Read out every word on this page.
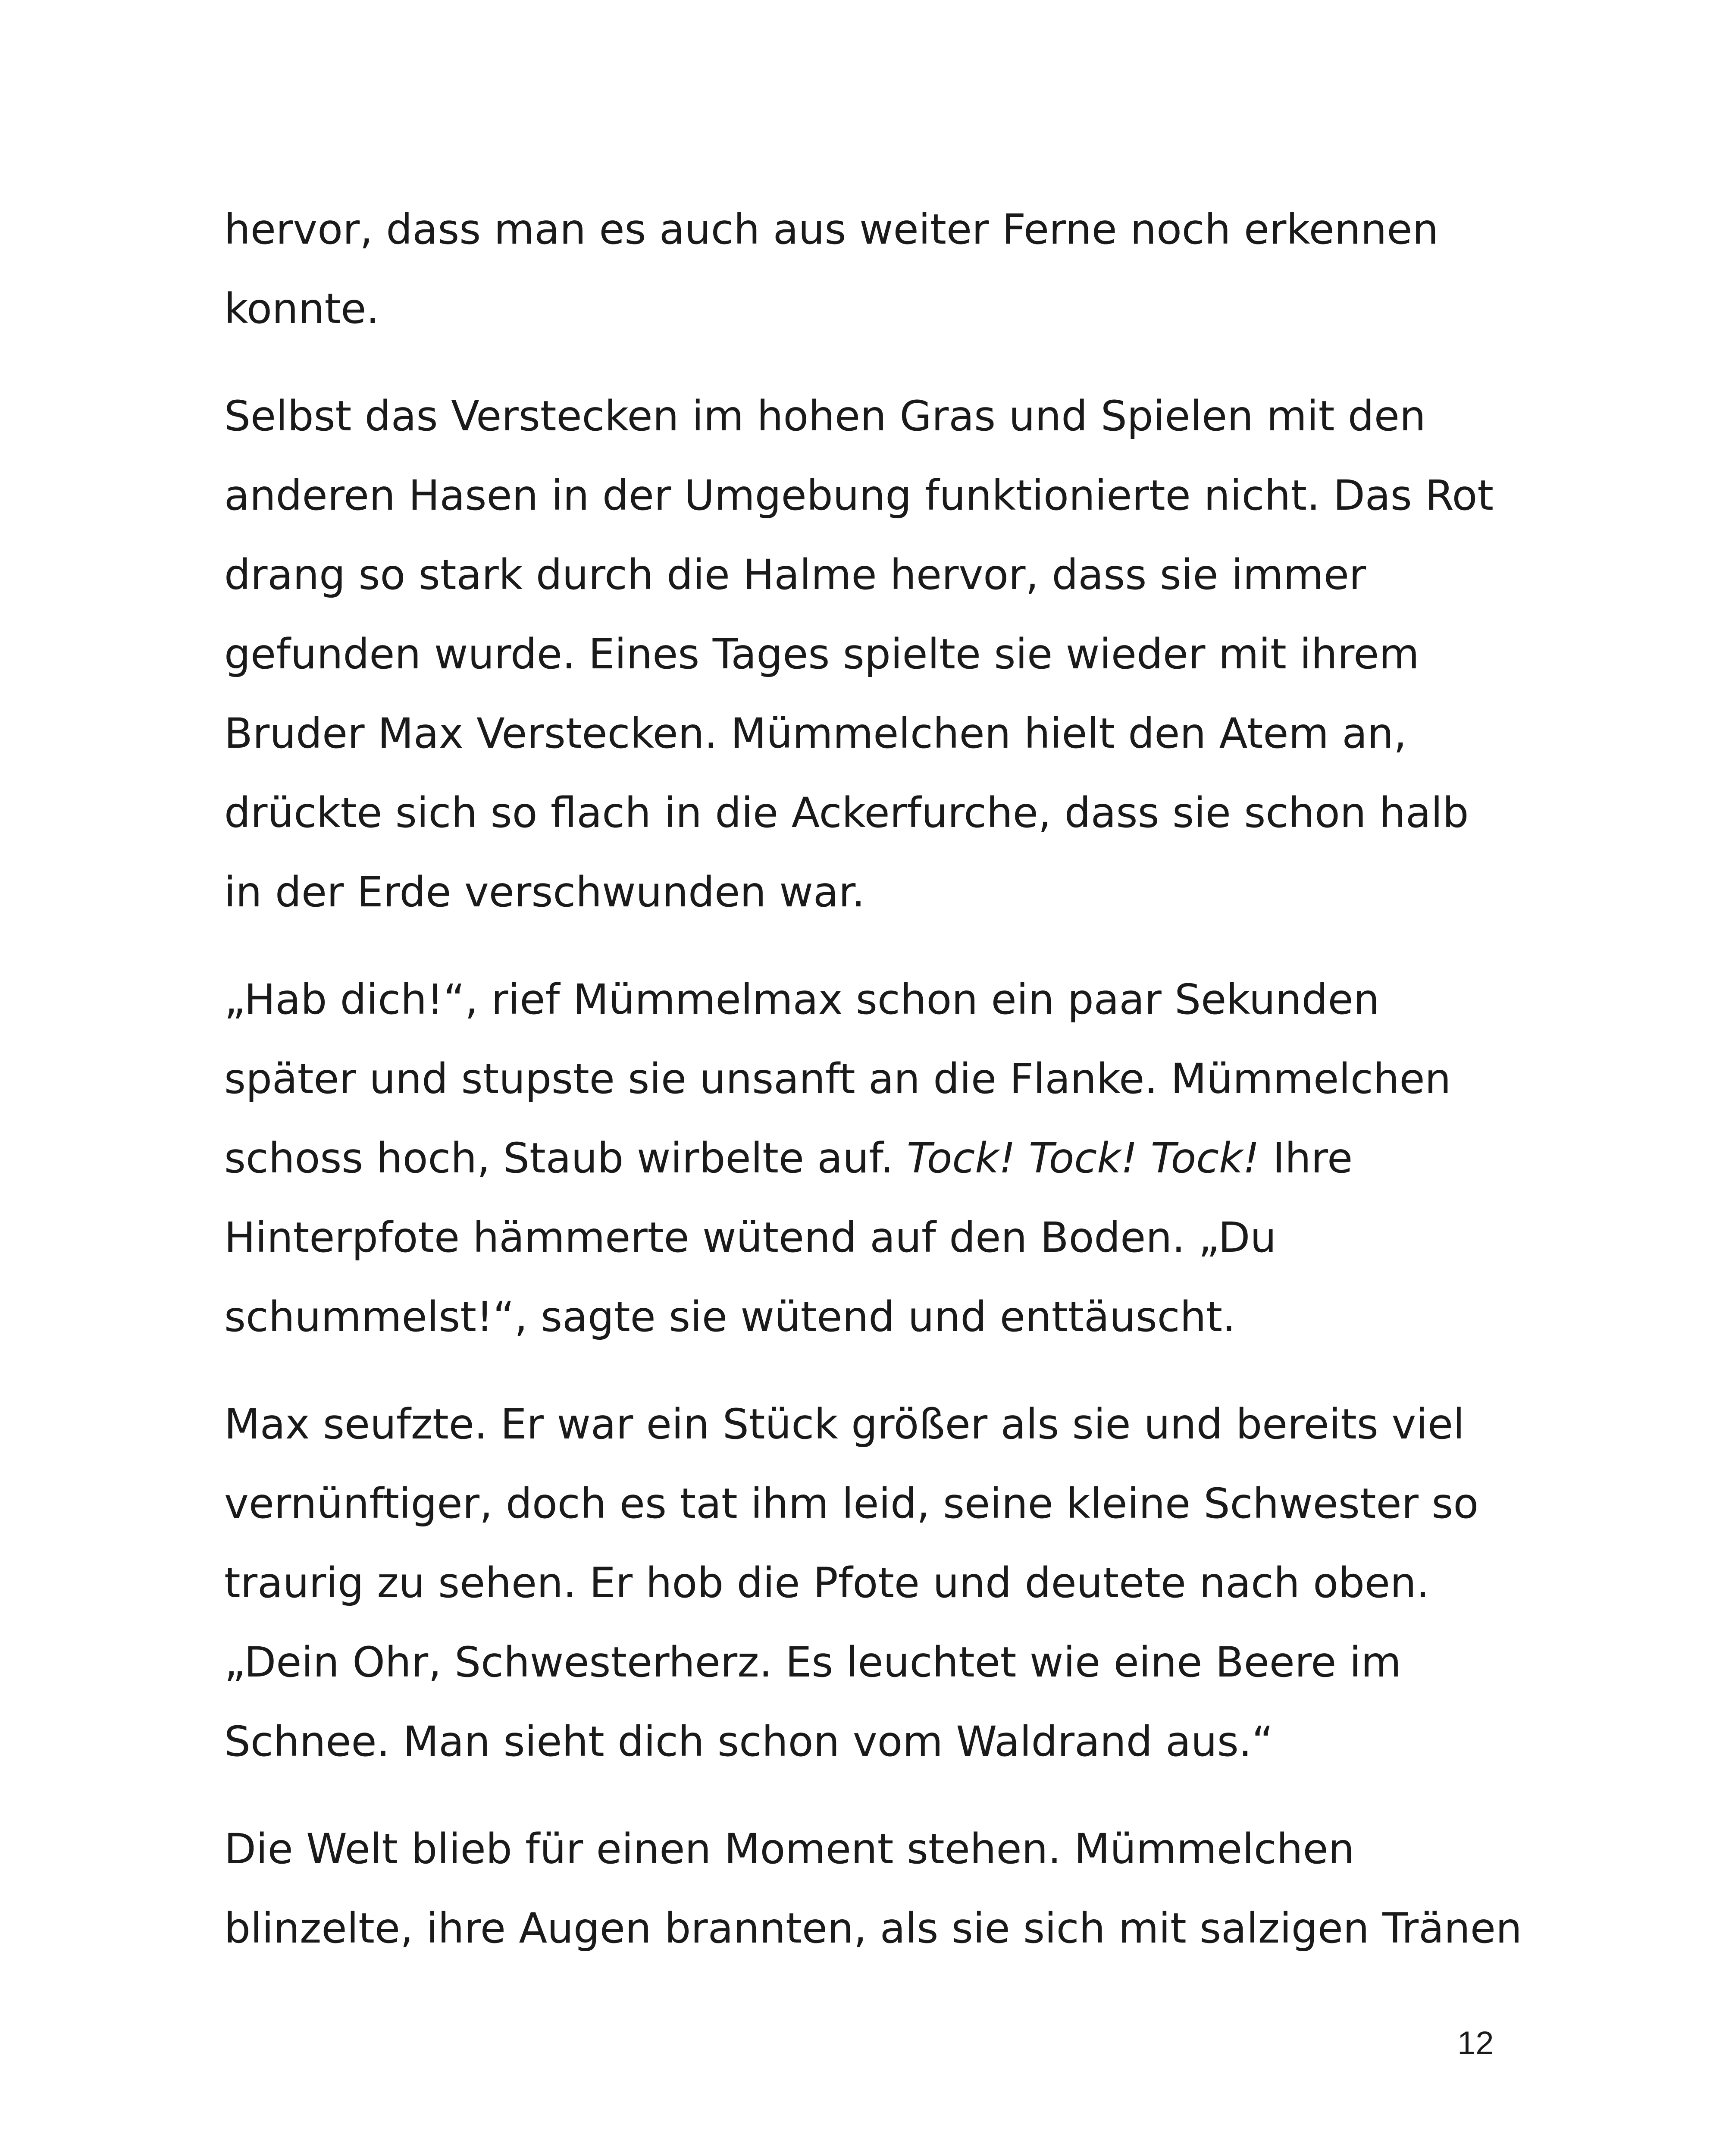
hervor, dass man es auch aus weiter Ferne noch erkennen
konnte.
Selbst das Verstecken im hohen Gras und Spielen mit den
anderen Hasen in der Umgebung funktionierte nicht. Das Rot
drang so stark durch die Halme hervor, dass sie immer
gefunden wurde. Eines Tages spielte sie wieder mit ihrem
Bruder Max Verstecken. Mümmelchen hielt den Atem an,
drückte sich so flach in die Ackerfurche, dass sie schon halb
in der Erde verschwunden war.
„Hab dich!“, rief Mümmelmax schon ein paar Sekunden
später und stupste sie unsanft an die Flanke. Mümmelchen
schoss hoch, Staub wirbelte auf. Tock! Tock! Tock! Ihre
Hinterpfote hämmerte wütend auf den Boden. „Du
schummelst!“, sagte sie wütend und enttäuscht.
Max seufzte. Er war ein Stück größer als sie und bereits viel
vernünftiger, doch es tat ihm leid, seine kleine Schwester so
traurig zu sehen. Er hob die Pfote und deutete nach oben.
„Dein Ohr, Schwesterherz. Es leuchtet wie eine Beere im
Schnee. Man sieht dich schon vom Waldrand aus.“
Die Welt blieb für einen Moment stehen. Mümmelchen
blinzelte, ihre Augen brannten, als sie sich mit salzigen Tränen
12
